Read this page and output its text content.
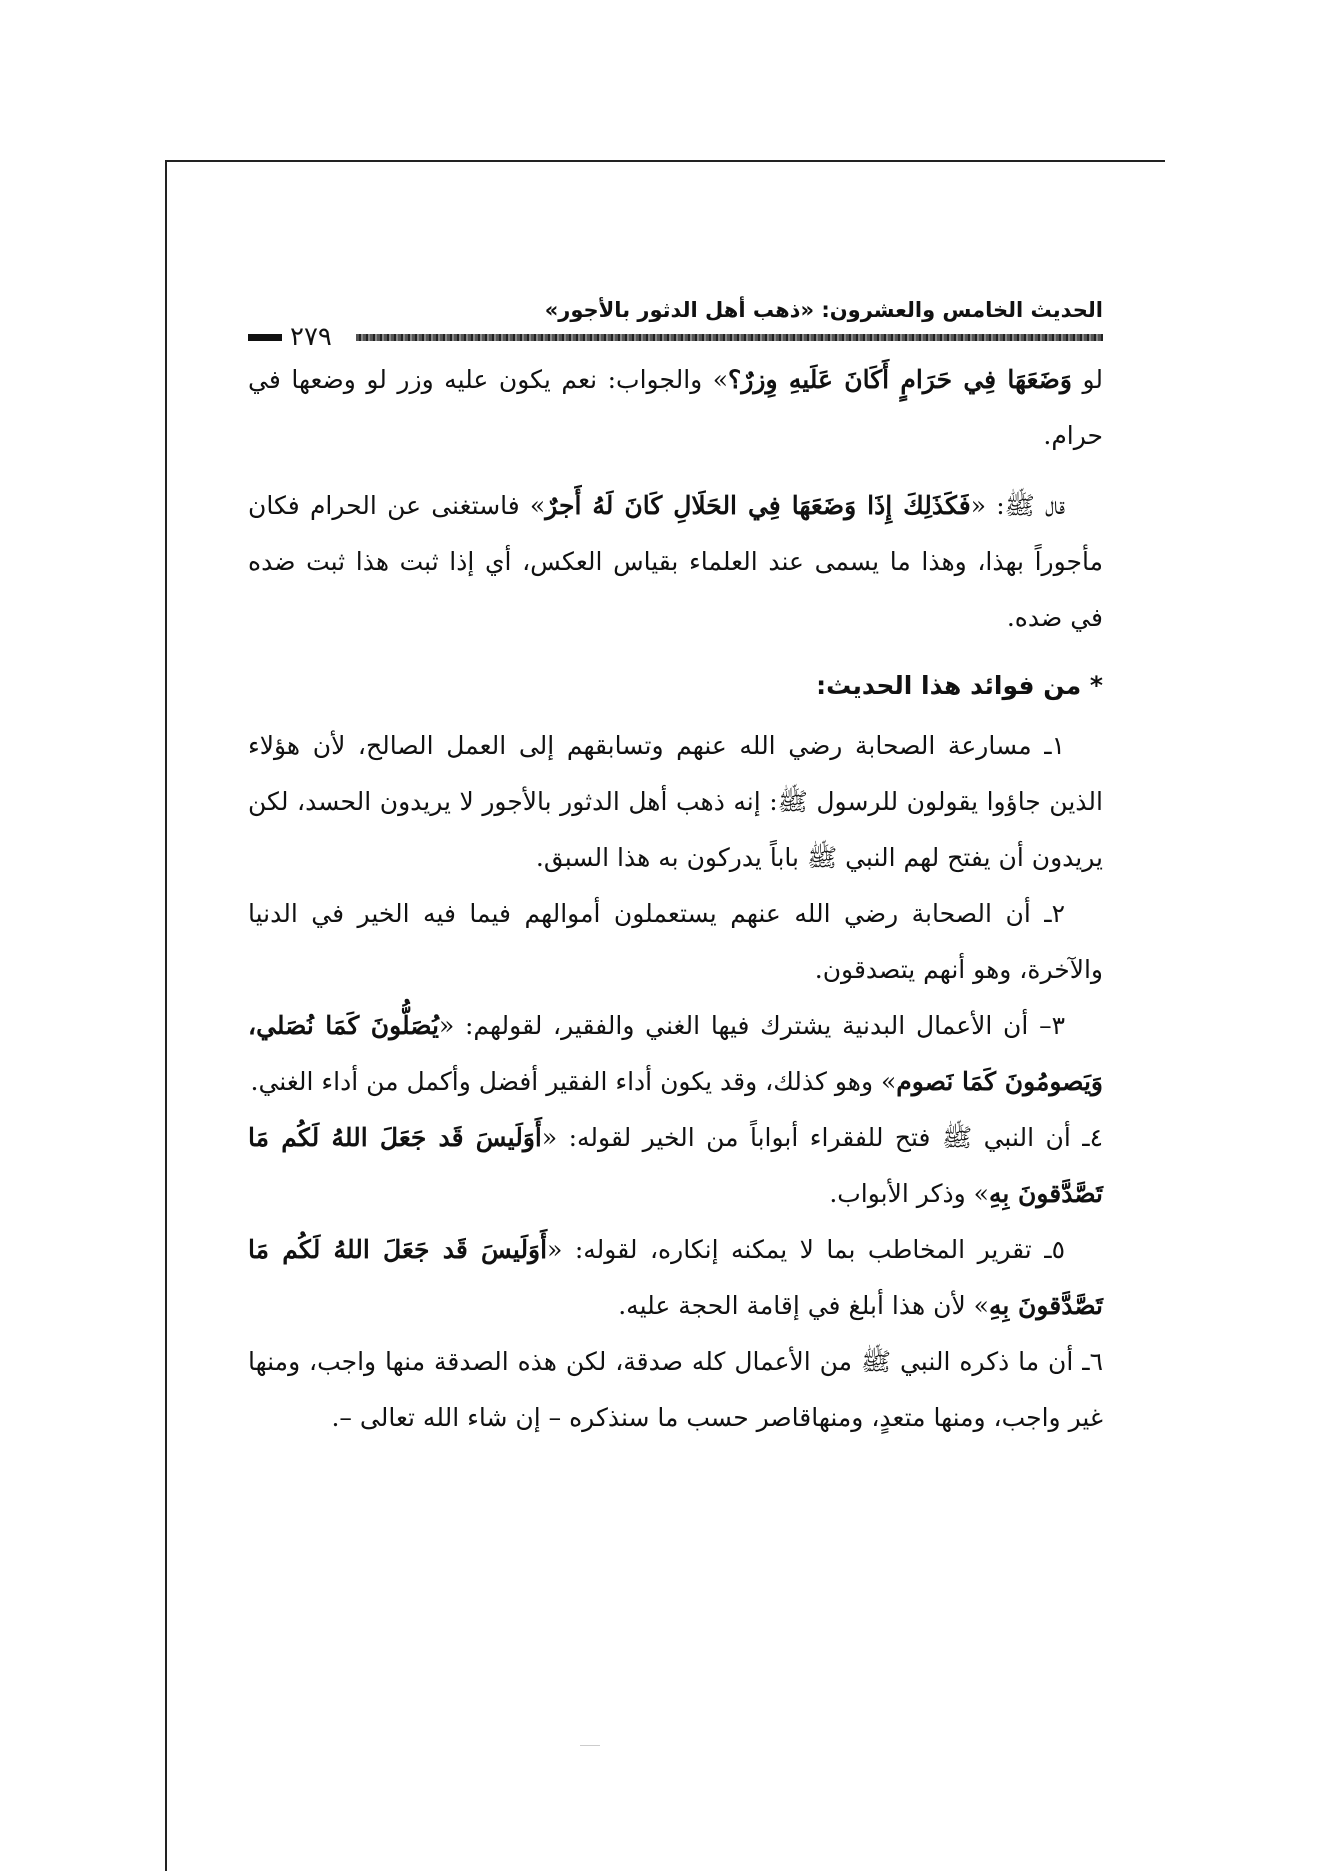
الحديث الخامس والعشرون: «ذهب أهل الدثور بالأجور»
٢٧٩

لو وَضَعَهَا فِي حَرَامٍ أَكَانَ عَلَيهِ وِزرٌ؟» والجواب: نعم يكون عليه وزر لو وضعها في حرام.

قال ﷺ: «فَكَذَلِكَ إِذَا وَضَعَهَا فِي الحَلَالِ كَانَ لَهُ أَجرٌ» فاستغنى عن الحرام فكان مأجوراً بهذا، وهذا ما يسمى عند العلماء بقياس العكس، أي إذا ثبت هذا ثبت ضده في ضده.

* من فوائد هذا الحديث:

١ـ مسارعة الصحابة رضي الله عنهم وتسابقهم إلى العمل الصالح، لأن هؤلاء الذين جاؤوا يقولون للرسول ﷺ: إنه ذهب أهل الدثور بالأجور لا يريدون الحسد، لكن يريدون أن يفتح لهم النبي ﷺ باباً يدركون به هذا السبق.

٢ـ أن الصحابة رضي الله عنهم يستعملون أموالهم فيما فيه الخير في الدنيا والآخرة، وهو أنهم يتصدقون.

٣– أن الأعمال البدنية يشترك فيها الغني والفقير، لقولهم: «يُصَلُّونَ كَمَا نُصَلي، وَيَصومُونَ كَمَا نَصوم» وهو كذلك، وقد يكون أداء الفقير أفضل وأكمل من أداء الغني.

٤ـ أن النبي ﷺ فتح للفقراء أبواباً من الخير لقوله: «أَوَلَيسَ قَد جَعَلَ اللهُ لَكُم مَا تَصَّدَّقونَ بِهِ» وذكر الأبواب.

٥ـ تقرير المخاطب بما لا يمكنه إنكاره، لقوله: «أَوَلَيسَ قَد جَعَلَ اللهُ لَكُم مَا تَصَّدَّقونَ بِهِ» لأن هذا أبلغ في إقامة الحجة عليه.

٦ـ أن ما ذكره النبي ﷺ من الأعمال كله صدقة، لكن هذه الصدقة منها واجب، ومنها غير واجب، ومنها متعدٍ، ومنهاقاصر حسب ما سنذكره – إن شاء الله تعالى –.
